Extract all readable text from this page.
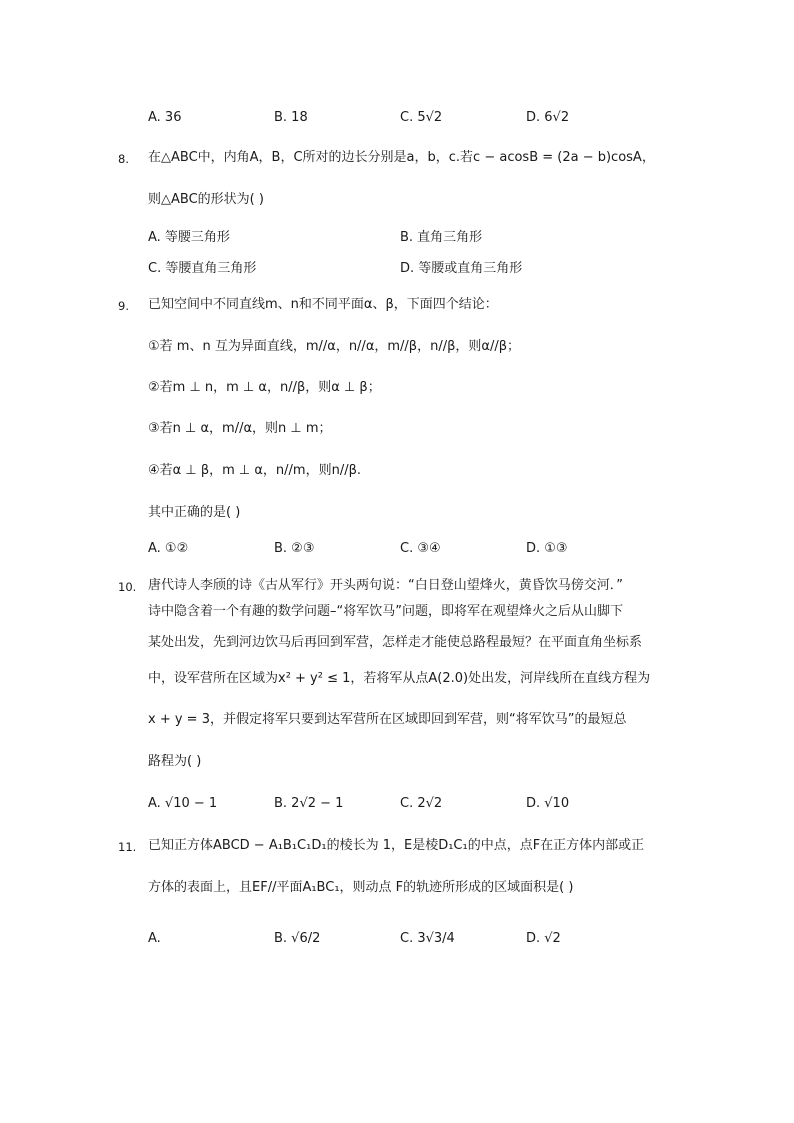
A. 36	B. 18	C. 5√2	D. 6√2
8. 在△ABC中，内角A，B，C所对的边长分别是a，b，c.若c − acosB = (2a − b)cosA，
则△ABC的形状为( )
A. 等腰三角形	B. 直角三角形
C. 等腰直角三角形	D. 等腰或直角三角形
9. 已知空间中不同直线m、n和不同平面α、β，下面四个结论：
①若 m、n 互为异面直线，m//α，n//α，m//β，n//β，则α//β；
②若m ⊥ n，m ⊥ α，n//β，则α ⊥ β；
③若n ⊥ α，m//α，则n ⊥ m；
④若α ⊥ β，m ⊥ α，n//m，则n//β.
其中正确的是( )
A. ①②	B. ②③	C. ③④	D. ①③
10. 唐代诗人李颀的诗《古从军行》开头两句说：“白日登山望烽火，黄昏饮马傍交河．”
诗中隐含着一个有趣的数学问题–“将军饮马”问题，即将军在观望烽火之后从山脚下
某处出发，先到河边饮马后再回到军营，怎样走才能使总路程最短？在平面直角坐标系
中，设军营所在区域为x² + y² ≤ 1，若将军从点A(2.0)处出发，河岸线所在直线方程为
x + y = 3，并假定将军只要到达军营所在区域即回到军营，则“将军饮马”的最短总
路程为( )
A. √10 − 1	B. 2√2 − 1	C. 2√2	D. √10
11. 已知正方体ABCD − A₁B₁C₁D₁的棱长为 1，E是棱D₁C₁的中点，点F在正方体内部或正
方体的表面上，且EF//平面A₁BC₁，则动点 F的轨迹所形成的区域面积是( )
A.	B. √6/2	C. 3√3/4	D. √2
